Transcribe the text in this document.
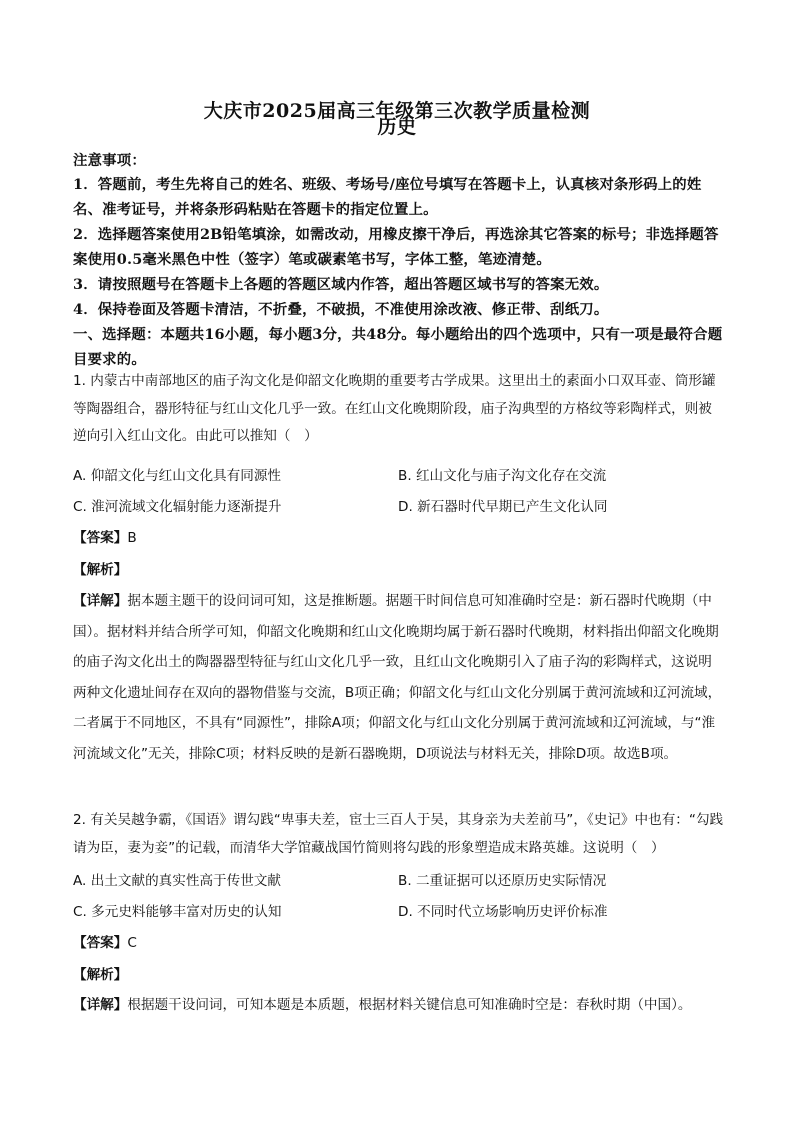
大庆市2025届高三年级第三次教学质量检测
历史
注意事项：
1．答题前，考生先将自己的姓名、班级、考场号/座位号填写在答题卡上，认真核对条形码上的姓名、准考证号，并将条形码粘贴在答题卡的指定位置上。
2．选择题答案使用2B铅笔填涂，如需改动，用橡皮擦干净后，再选涂其它答案的标号；非选择题答案使用0.5毫米黑色中性（签字）笔或碳素笔书写，字体工整，笔迹清楚。
3．请按照题号在答题卡上各题的答题区域内作答，超出答题区域书写的答案无效。
4．保持卷面及答题卡清洁，不折叠，不破损，不准使用涂改液、修正带、刮纸刀。
一、选择题：本题共16小题，每小题3分，共48分。每小题给出的四个选项中，只有一项是最符合题目要求的。
1. 内蒙古中南部地区的庙子沟文化是仰韶文化晚期的重要考古学成果。这里出土的素面小口双耳壶、筒形罐等陶器组合，器形特征与红山文化几乎一致。在红山文化晚期阶段，庙子沟典型的方格纹等彩陶样式，则被逆向引入红山文化。由此可以推知（　）
A. 仰韶文化与红山文化具有同源性	B. 红山文化与庙子沟文化存在交流
C. 淮河流域文化辐射能力逐渐提升	D. 新石器时代早期已产生文化认同
【答案】B
【解析】
【详解】据本题主题干的设问词可知，这是推断题。据题干时间信息可知准确时空是：新石器时代晚期（中国）。据材料并结合所学可知，仰韶文化晚期和红山文化晚期均属于新石器时代晚期，材料指出仰韶文化晚期的庙子沟文化出土的陶器器型特征与红山文化几乎一致，且红山文化晚期引入了庙子沟的彩陶样式，这说明两种文化遗址间存在双向的器物借鉴与交流，B项正确；仰韶文化与红山文化分别属于黄河流域和辽河流域，二者属于不同地区，不具有“同源性”，排除A项；仰韶文化与红山文化分别属于黄河流域和辽河流域，与“淮河流域文化”无关，排除C项；材料反映的是新石器晚期，D项说法与材料无关，排除D项。故选B项。
2. 有关吴越争霸，《国语》谓勾践“卑事夫差，宦士三百人于吴，其身亲为夫差前马”，《史记》中也有：“勾践请为臣，妻为妾”的记载，而清华大学馆藏战国竹简则将勾践的形象塑造成末路英雄。这说明（　）
A. 出土文献的真实性高于传世文献	B. 二重证据可以还原历史实际情况
C. 多元史料能够丰富对历史的认知	D. 不同时代立场影响历史评价标准
【答案】C
【解析】
【详解】根据题干设问词，可知本题是本质题，根据材料关键信息可知准确时空是：春秋时期（中国）。
